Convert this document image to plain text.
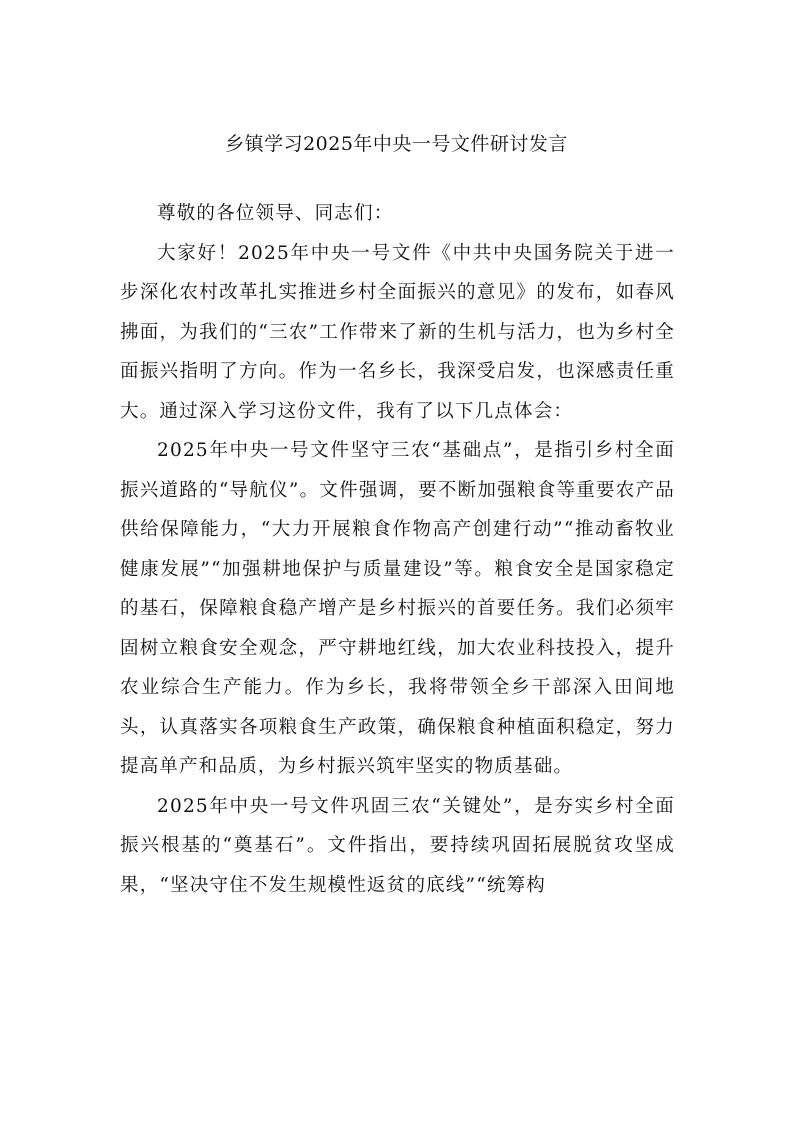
乡镇学习2025年中央一号文件研讨发言

尊敬的各位领导、同志们：

大家好！2025年中央一号文件《中共中央国务院关于进一步深化农村改革扎实推进乡村全面振兴的意见》的发布，如春风拂面，为我们的“三农”工作带来了新的生机与活力，也为乡村全面振兴指明了方向。作为一名乡长，我深受启发，也深感责任重大。通过深入学习这份文件，我有了以下几点体会：

2025年中央一号文件坚守三农“基础点”，是指引乡村全面振兴道路的“导航仪”。文件强调，要不断加强粮食等重要农产品供给保障能力，“大力开展粮食作物高产创建行动”“推动畜牧业健康发展”“加强耕地保护与质量建设”等。粮食安全是国家稳定的基石，保障粮食稳产增产是乡村振兴的首要任务。我们必须牢固树立粮食安全观念，严守耕地红线，加大农业科技投入，提升农业综合生产能力。作为乡长，我将带领全乡干部深入田间地头，认真落实各项粮食生产政策，确保粮食种植面积稳定，努力提高单产和品质，为乡村振兴筑牢坚实的物质基础。

2025年中央一号文件巩固三农“关键处”，是夯实乡村全面振兴根基的“奠基石”。文件指出，要持续巩固拓展脱贫攻坚成果，“坚决守住不发生规模性返贫的底线”“统筹构
